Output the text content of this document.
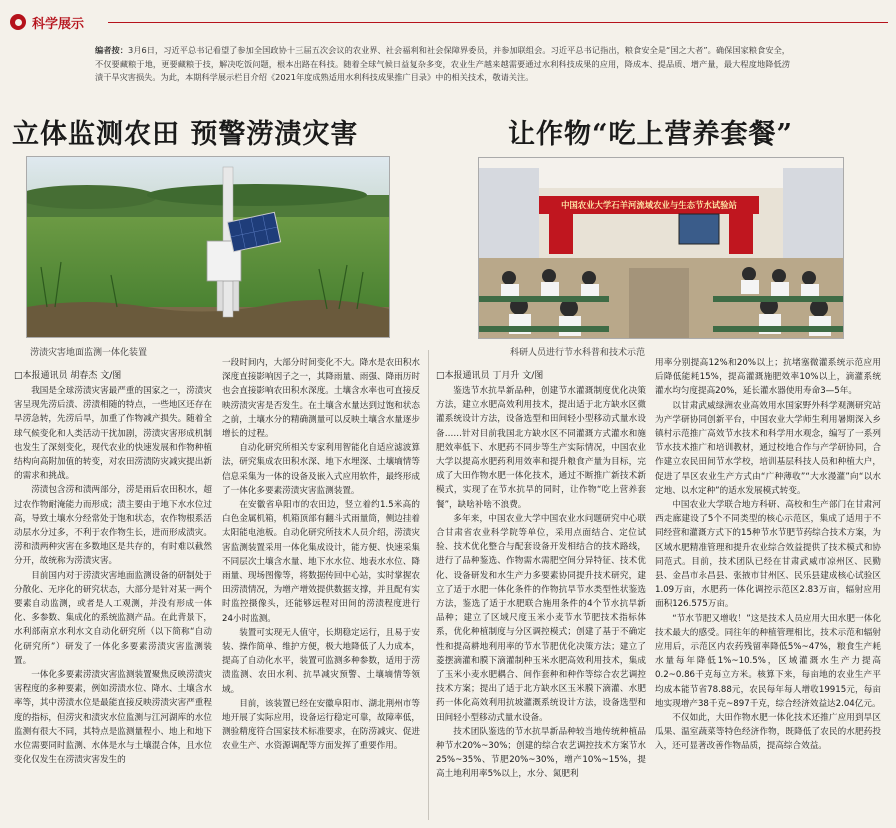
科学展示
编者按：3月6日，习近平总书记看望了参加全国政协十三届五次会议的农业界、社会福利和社会保障界委员，并参加联组会。习近平总书记指出，粮食安全是“国之大者”。确保国家粮食安全，不仅要藏粮于地，更要藏粮于技，解决吃饭问题，根本出路在科技。随着全球气候日益复杂多变，农业生产越来越需要通过水利科技成果的应用，降成本、提品质、增产量，最大程度地降低涝渍干旱灾害损失。为此，本期科学展示栏目介绍《2021年度成熟适用水利科技成果推广目录》中的相关技术，敬请关注。
立体监测农田 预警涝渍灾害	让作物“吃上营养套餐”
涝渍灾害地面监测一体化装置
中国农业大学石羊河流域农业与生态节水试验站
科研人员进行节水科普和技术示范
□本报通讯员 胡春杰 文/图	□本报通讯员 丁月升 文/图

我国是全球涝渍灾害最严重的国家之一，涝渍灾害呈现先涝后渍、涝渍相随的特点，一些地区还存在旱涝急转，先涝后旱，加重了作物减产损失。随着全球气候变化和人类活动干扰加剧，涝渍灾害形成机制也发生了深刻变化，现代农业的快速发展和作物种植结构向高附加值的转变，对农田涝渍防灾减灾提出新的需求和挑战。

涝渍包含涝和渍两部分，涝是雨后农田积水，超过农作物耐淹能力而形成；渍主要由于地下水水位过高，导致土壤水分经常处于饱和状态，农作物根系活动层水分过多，不利于农作物生长，进而形成渍灾。涝和渍两种灾害在多数地区是共存的，有时难以截然分开，故统称为涝渍灾害。

目前国内对于涝渍灾害地面监测设备的研制处于分散化、无序化的研究状态，大部分是针对某一两个要素自动监测，或者是人工观测，并没有形成一体化、多参数、集成化的系统监测产品。在此背景下，水利部南京水利水文自动化研究所（以下简称“自动化研究所”）研发了一体化多要素涝渍灾害监测装置。

一体化多要素涝渍灾害监测装置聚焦反映涝渍灾害程度的多种要素，例如涝渍水位、降水、土壤含水率等，其中涝渍水位是最能直接反映涝渍灾害严重程度的指标，但涝灾和渍灾水位监测与江河湖库的水位监测有很大不同，其特点是监测量程小、地上和地下水位需要同时监测、水体是水与土壤混合体，且水位变化仅发生在涝渍灾害发生的

一段时间内，大部分时间变化不大。降水是农田积水深度直接影响因子之一，其降雨量、雨强、降雨历时也会直接影响农田积水深度。土壤含水率也可直接反映涝渍灾害是否发生。在土壤含水量达到过饱和状态之前，土壤水分的精确测量可以反映土壤含水量逐步增长的过程。

自动化研究所相关专家利用智能化自适应滤波算法，研究集成农田积水深、地下水埋深、土壤墒情等信息采集为一体的设备及嵌入式应用软件，最终形成了一体化多要素涝渍灾害监测装置。

在安徽省阜阳市的农田边，竖立着约1.5米高的白色金属机箱，机箱顶部有翻斗式雨量筒，侧边挂着太阳能电池板。自动化研究所技术人员介绍，涝渍灾害监测装置采用一体化集成设计，能方便、快速采集不同层次土壤含水量、地下水水位、地表水水位、降雨量、现场图像等，将数据传回中心站，实时掌握农田涝渍情况，为增产增效提供数据支撑，并且配有实时监控摄像头，还能够远程对田间的涝渍程度进行24小时监测。

装置可实现无人值守，长期稳定运行，且易于安装、操作简单、维护方便，极大地降低了人力成本，提高了自动化水平，装置可监测多种参数，适用于涝渍监测、农田水利、抗旱减灾预警、土壤墒情等领域。

目前，该装置已经在安徽阜阳市、湖北荆州市等地开展了实际应用，设备运行稳定可靠，故障率低，测验精度符合国家技术标准要求，在防涝减灾、促进农业生产、水资源调配等方面发挥了重要作用。

鉴选节水抗旱新品种，创建节水灌溉制度优化决策方法，建立水肥高效利用技术，提出适于北方缺水区微灌系统设计方法，设备选型和田间轻小型移动式量水设备……针对目前我国北方缺水区不同灌溉方式灌水和施肥效率低下、水肥药不同步等生产实际情况，中国农业大学以提高水肥药利用效率和提升粮食产量为目标，完成了大田作物水肥一体化技术，通过不断推广新技术新模式，实现了在节水抗旱的同时，让作物“吃上营养套餐”，缺啥补啥不浪费。

多年来，中国农业大学中国农业水问题研究中心联合甘肃省农业科学院等单位，采用点面结合、定位试验、技术优化整合与配套设备开发相结合的技术路线，进行了品种鉴选、作物需水需肥空间分异特征、技术优化、设备研发和水生产力多要素协同提升技术研究，建立了适于水肥一体化条件的作物抗旱节水类型性状鉴选方法，鉴选了适于水肥联合施用条件的4个节水抗旱新品种；建立了区域尺度玉米小麦节水节肥技术指标体系，优化种植制度与分区调控模式；创建了基于不确定性和提高耕地利用率的节水节肥优化决策方法；建立了菱摆滴灌和膜下滴灌制种玉米水肥高效利用技术，集成了玉米小麦水肥耦合、间作套种和种作等综合农艺调控技术方案；提出了适于北方缺水区玉米膜下滴灌、水肥药一体化高效利用抗坡灌溉系统设计方法，设备选型和田间轻小型移动式量水设备。

技术团队鉴选的节水抗旱新品种较当地传统种植品种节水20%~30%；创建的综合农艺调控技术方案节水25%~35%、节肥20%~30%，增产10%~15%，提高土地利用率5%以上，水分、氮肥利

用率分别提高12%和20%以上；抗堵塞微灌系统示范应用后降低能耗15%，提高灌溉施肥效率10%以上，滴灌系统灌水均匀度提高20%，延长灌水器使用寿命3—5年。

以甘肃武威绿洲农业高效用水国家野外科学观测研究站为产学研协同创新平台，中国农业大学师生利用暑期深入乡镇村示范推广高效节水技术和科学用水观念，编写了一系列节水技术推广和培训教材，通过校地合作与产学研协同，合作建立农民田间节水学校，培训基层科技人员和种植大户，促进了旱区农业生产方式由“广种薄收”“大水漫灌”向“以水定地、以水定种”的适水发展模式转变。

中国农业大学联合地方科研、高校和生产部门在甘肃河西走廊建设了5个不同类型的核心示范区，集成了适用于不同经营和灌溉方式下的15种节水节肥节药综合技术方案，为区域水肥精准管理和提升农业综合效益提供了技术模式和协同范式。目前，技术团队已经在甘肃武威市凉州区、民勤县、金昌市永昌县、张掖市甘州区、民乐县建成核心试验区1.09万亩，水肥药一体化调控示范区2.83万亩，辐射应用面积126.575万亩。

“节水节肥又增收！”这是技术人员应用大田水肥一体化技术最大的感受。同往年的种植管理相比，技术示范和辐射应用后，示范区内农药残留率降低5%~47%，粮食生产耗水量每年降低1%~10.5%，区域灌溉水生产力提高0.2~0.86千克每立方米。核算下来，每亩地的农业生产平均成本能节省78.88元，农民每年每人增收19915元，每亩地实现增产38千克~897千克，综合经济效益达2.04亿元。

不仅如此，大田作物水肥一体化技术还推广应用到旱区瓜果、温室蔬菜等特色经济作物，既降低了农民的水肥药投入，还可显著改善作物品质，提高综合效益。
